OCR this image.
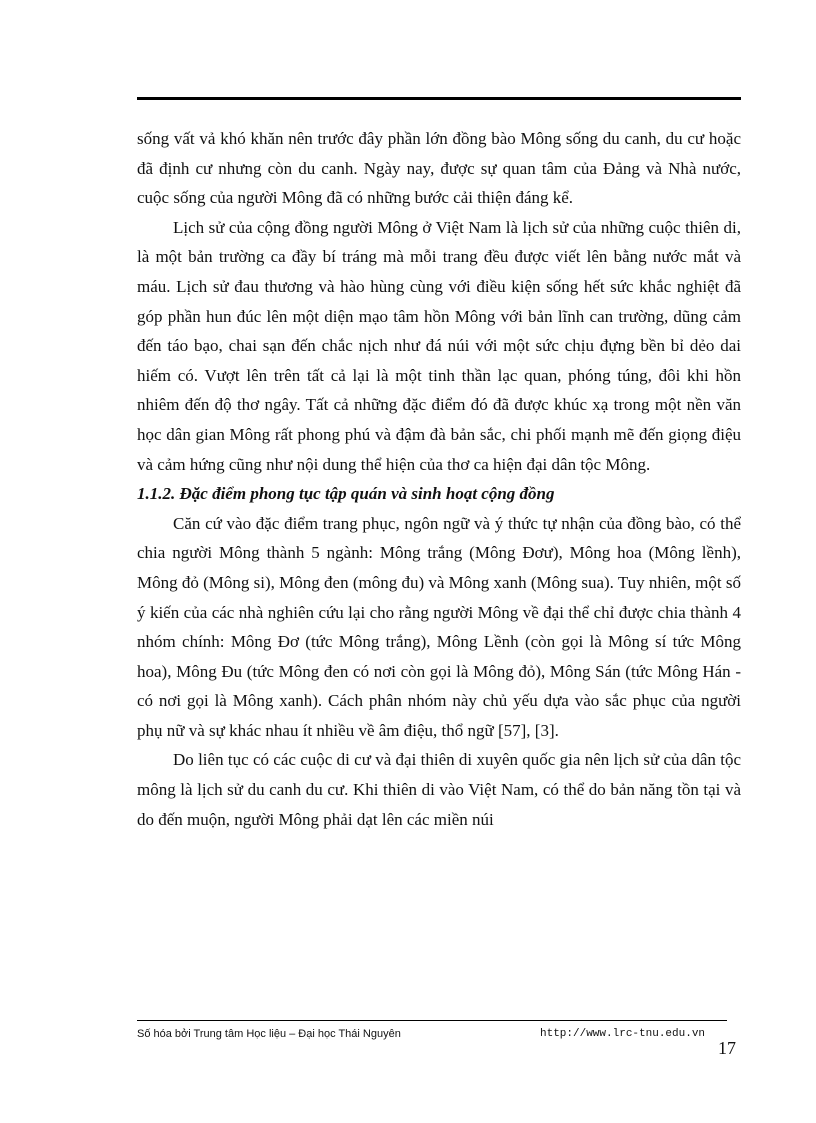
sống vất vả khó khăn nên trước đây phần lớn đồng bào Mông sống du canh, du cư hoặc đã định cư nhưng còn du canh. Ngày nay, được sự quan tâm của Đảng và Nhà nước, cuộc sống của người Mông đã có những bước cải thiện đáng kể.

Lịch sử của cộng đồng người Mông ở Việt Nam là lịch sử của những cuộc thiên di, là một bản trường ca đầy bí tráng mà mỗi trang đều được viết lên bằng nước mắt và máu. Lịch sử đau thương và hào hùng cùng với điều kiện sống hết sức khắc nghiệt đã góp phần hun đúc lên một diện mạo tâm hồn Mông với bản lĩnh can trường, dũng cảm đến táo bạo, chai sạn đến chắc nịch như đá núi với một sức chịu đựng bền bỉ dẻo dai hiếm có. Vượt lên trên tất cả lại là một tinh thần lạc quan, phóng túng, đôi khi hồn nhiêm đến độ thơ ngây. Tất cả những đặc điểm đó đã được khúc xạ trong một nền văn học dân gian Mông rất phong phú và đậm đà bản sắc, chi phối mạnh mẽ đến giọng điệu và cảm hứng cũng như nội dung thể hiện của thơ ca hiện đại dân tộc Mông.

1.1.2. Đặc điểm phong tục tập quán và sinh hoạt cộng đồng

Căn cứ vào đặc điểm trang phục, ngôn ngữ và ý thức tự nhận của đồng bào, có thể chia người Mông thành 5 ngành: Mông trắng (Mông Đơư), Mông hoa (Mông lềnh), Mông đỏ (Mông si), Mông đen (mông đu) và Mông xanh (Mông sua). Tuy nhiên, một số ý kiến của các nhà nghiên cứu lại cho rằng người Mông về đại thể chỉ được chia thành 4 nhóm chính: Mông Đơ (tức Mông trắng), Mông Lềnh (còn gọi là Mông sí tức Mông hoa), Mông Đu (tức Mông đen có nơi còn gọi là Mông đỏ), Mông Sán (tức Mông Hán - có nơi gọi là Mông xanh). Cách phân nhóm này chủ yếu dựa vào sắc phục của người phụ nữ và sự khác nhau ít nhiều về âm điệu, thổ ngữ [57], [3].

Do liên tục có các cuộc di cư và đại thiên di xuyên quốc gia nên lịch sử của dân tộc mông là lịch sử du canh du cư. Khi thiên di vào Việt Nam, có thể do bản năng tồn tại và do đến muộn, người Mông phải dạt lên các miền núi

Số hóa bởi Trung tâm Học liệu – Đại học Thái Nguyên	http://www.lrc-tnu.edu.vn
17
